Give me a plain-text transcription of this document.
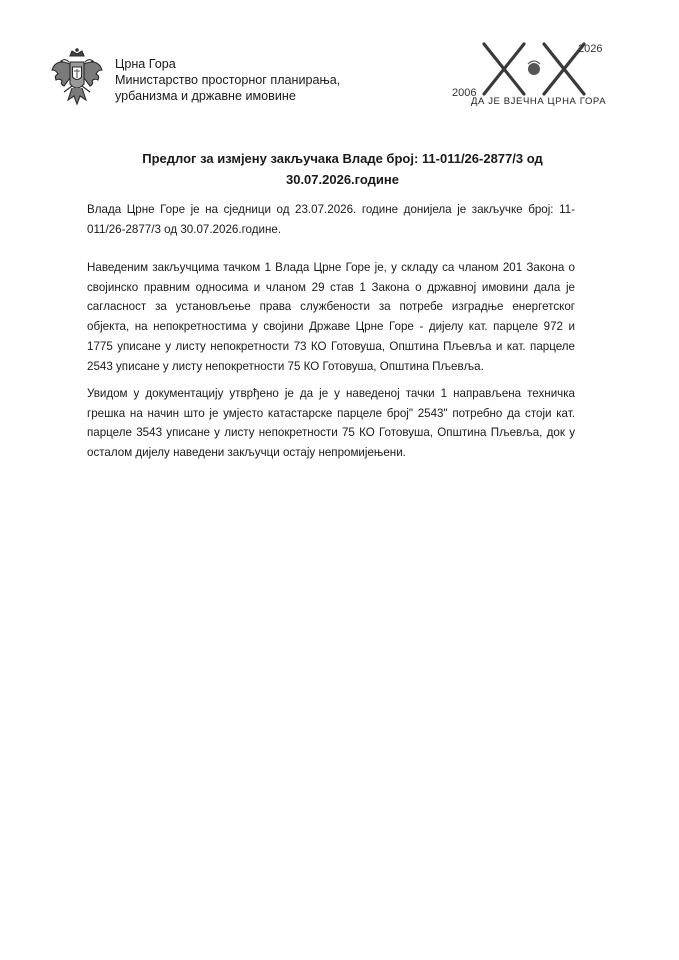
Црна Гора
Министарство просторног планирања,
урбанизма и државне имовине	2006
2026
ДА ЈЕ ВЈЕЧНА ЦРНА ГОРА
Предлог за измјену закључака Владе број: 11-011/26-2877/3 од
30.07.2026.године
Влада Црне Горе је на сједници од 23.07.2026. године донијела је закључке број: 11-
011/26-2877/3 од 30.07.2026.године.
Наведеним закључцима тачком 1 Влада Црне Горе је, у складу са чланом 201 Закона о
својинско правним односима и чланом 29 став 1 Закона о државној имовини дала је
сагласност за установљење права службености за потребе изградње енергетског
објекта, на непокретностима у својини Државе Црне Горе - дијелу кат. парцеле 972 и
1775 уписане у листу непокретности 73 КО Готовуша, Општина Пљевља и кат. парцеле
2543 уписане у листу непокретности 75 КО Готовуша, Општина Пљевља.
Увидом у документацију утврђено је да је у наведеној тачки 1 направљена техничка
грешка на начин што је умјесто катастарске парцеле број" 2543" потребно да стоји кат.
парцеле 3543 уписане у листу непокретности 75 КО Готовуша, Општина Пљевља, док у
осталом дијелу наведени закључци остају непромијењени.
